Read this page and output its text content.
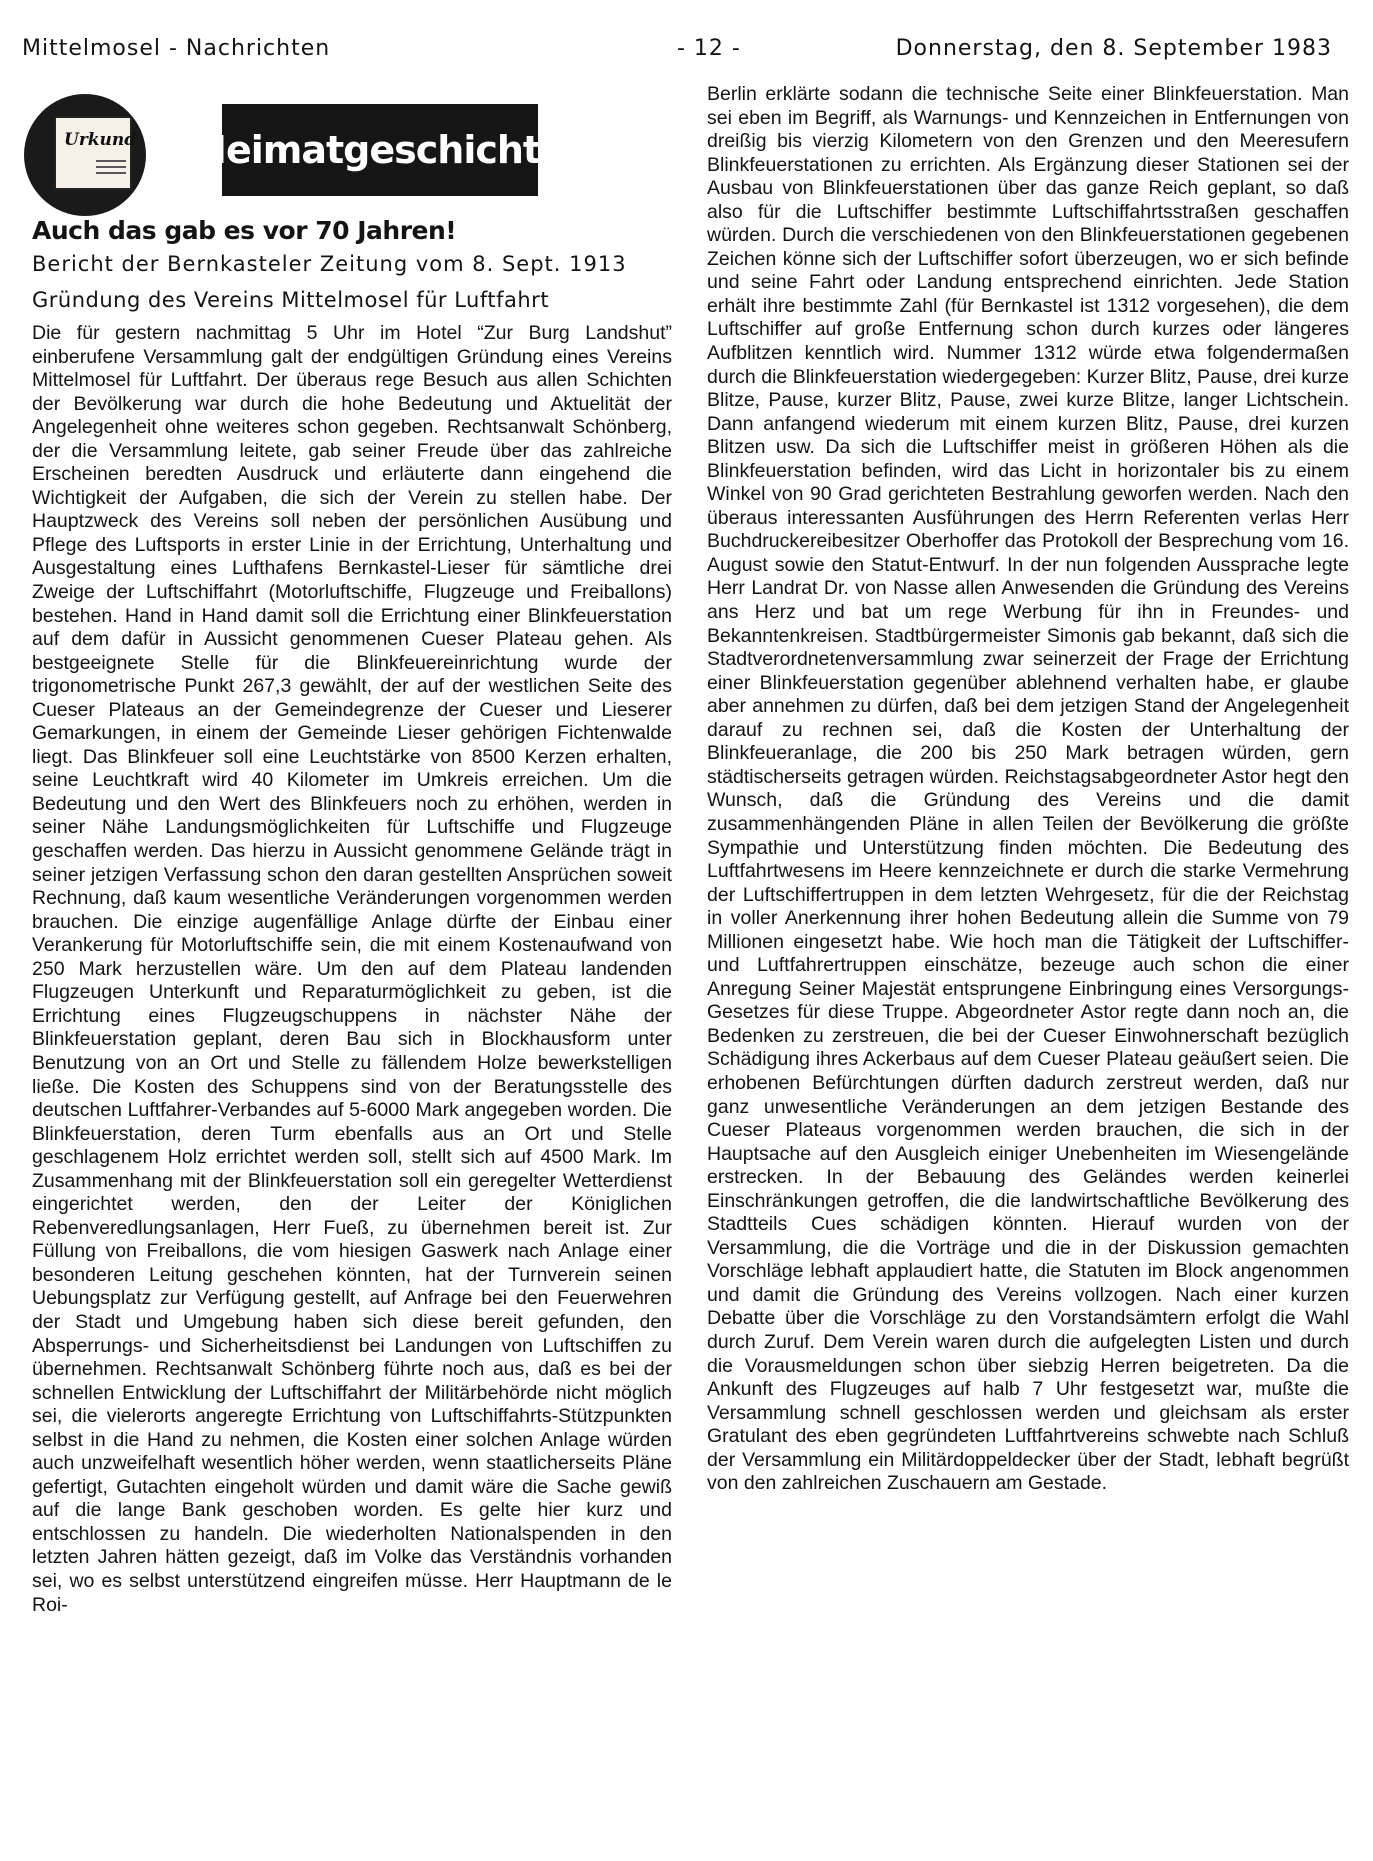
Mittelmosel - Nachrichten	- 12 -	Donnerstag, den 8. September 1983
Urkund Heimatgeschichte
Auch das gab es vor 70 Jahren!
Bericht der Bernkasteler Zeitung vom 8. Sept. 1913
Gründung des Vereins Mittelmosel für Luftfahrt
Die für gestern nachmittag 5 Uhr im Hotel “Zur Burg Landshut” einberufene Versammlung galt der endgültigen Gründung eines Vereins Mittelmosel für Luftfahrt. Der überaus rege Besuch aus allen Schichten der Bevölkerung war durch die hohe Bedeutung und Aktuelität der Angelegenheit ohne weiteres schon gegeben. Rechtsanwalt Schönberg, der die Versammlung leitete, gab seiner Freude über das zahlreiche Erscheinen beredten Ausdruck und erläuterte dann eingehend die Wichtigkeit der Aufgaben, die sich der Verein zu stellen habe. Der Hauptzweck des Vereins soll neben der persönlichen Ausübung und Pflege des Luftsports in erster Linie in der Errichtung, Unterhaltung und Ausgestaltung eines Lufthafens Bernkastel-Lieser für sämtliche drei Zweige der Luftschiffahrt (Motorluftschiffe, Flugzeuge und Freiballons) bestehen. Hand in Hand damit soll die Errichtung einer Blinkfeuerstation auf dem dafür in Aussicht genommenen Cueser Plateau gehen. Als bestgeeignete Stelle für die Blinkfeuereinrichtung wurde der trigonometrische Punkt 267,3 gewählt, der auf der westlichen Seite des Cueser Plateaus an der Gemeindegrenze der Cueser und Lieserer Gemarkungen, in einem der Gemeinde Lieser gehörigen Fichtenwalde liegt. Das Blinkfeuer soll eine Leuchtstärke von 8500 Kerzen erhalten, seine Leuchtkraft wird 40 Kilometer im Umkreis erreichen. Um die Bedeutung und den Wert des Blinkfeuers noch zu erhöhen, werden in seiner Nähe Landungsmöglichkeiten für Luftschiffe und Flugzeuge geschaffen werden. Das hierzu in Aussicht genommene Gelände trägt in seiner jetzigen Verfassung schon den daran gestellten Ansprüchen soweit Rechnung, daß kaum wesentliche Veränderungen vorgenommen werden brauchen. Die einzige augenfällige Anlage dürfte der Einbau einer Verankerung für Motorluftschiffe sein, die mit einem Kostenaufwand von 250 Mark herzustellen wäre. Um den auf dem Plateau landenden Flugzeugen Unterkunft und Reparaturmöglichkeit zu geben, ist die Errichtung eines Flugzeugschuppens in nächster Nähe der Blinkfeuerstation geplant, deren Bau sich in Blockhausform unter Benutzung von an Ort und Stelle zu fällendem Holze bewerkstelligen ließe. Die Kosten des Schuppens sind von der Beratungsstelle des deutschen Luftfahrer-Verbandes auf 5-6000 Mark angegeben worden. Die Blinkfeuerstation, deren Turm ebenfalls aus an Ort und Stelle geschlagenem Holz errichtet werden soll, stellt sich auf 4500 Mark. Im Zusammenhang mit der Blinkfeuerstation soll ein geregelter Wetterdienst eingerichtet werden, den der Leiter der Königlichen Rebenveredlungsanlagen, Herr Fueß, zu übernehmen bereit ist. Zur Füllung von Freiballons, die vom hiesigen Gaswerk nach Anlage einer besonderen Leitung geschehen könnten, hat der Turnverein seinen Uebungsplatz zur Verfügung gestellt, auf Anfrage bei den Feuerwehren der Stadt und Umgebung haben sich diese bereit gefunden, den Absperrungs- und Sicherheitsdienst bei Landungen von Luftschiffen zu übernehmen. Rechtsanwalt Schönberg führte noch aus, daß es bei der schnellen Entwicklung der Luftschiffahrt der Militärbehörde nicht möglich sei, die vielerorts angeregte Errichtung von Luftschiffahrts-Stützpunkten selbst in die Hand zu nehmen, die Kosten einer solchen Anlage würden auch unzweifelhaft wesentlich höher werden, wenn staatlicherseits Pläne gefertigt, Gutachten eingeholt würden und damit wäre die Sache gewiß auf die lange Bank geschoben worden. Es gelte hier kurz und entschlossen zu handeln. Die wiederholten Nationalspenden in den letzten Jahren hätten gezeigt, daß im Volke das Verständnis vorhanden sei, wo es selbst unterstützend eingreifen müsse. Herr Hauptmann de le Roi-
Berlin erklärte sodann die technische Seite einer Blinkfeuerstation. Man sei eben im Begriff, als Warnungs- und Kennzeichen in Entfernungen von dreißig bis vierzig Kilometern von den Grenzen und den Meeresufern Blinkfeuerstationen zu errichten. Als Ergänzung dieser Stationen sei der Ausbau von Blinkfeuerstationen über das ganze Reich geplant, so daß also für die Luftschiffer bestimmte Luftschiffahrtsstraßen geschaffen würden. Durch die verschiedenen von den Blinkfeuerstationen gegebenen Zeichen könne sich der Luftschiffer sofort überzeugen, wo er sich befinde und seine Fahrt oder Landung entsprechend einrichten. Jede Station erhält ihre bestimmte Zahl (für Bernkastel ist 1312 vorgesehen), die dem Luftschiffer auf große Entfernung schon durch kurzes oder längeres Aufblitzen kenntlich wird. Nummer 1312 würde etwa folgendermaßen durch die Blinkfeuerstation wiedergegeben: Kurzer Blitz, Pause, drei kurze Blitze, Pause, kurzer Blitz, Pause, zwei kurze Blitze, langer Lichtschein. Dann anfangend wiederum mit einem kurzen Blitz, Pause, drei kurzen Blitzen usw. Da sich die Luftschiffer meist in größeren Höhen als die Blinkfeuerstation befinden, wird das Licht in horizontaler bis zu einem Winkel von 90 Grad gerichteten Bestrahlung geworfen werden. Nach den überaus interessanten Ausführungen des Herrn Referenten verlas Herr Buchdruckereibesitzer Oberhoffer das Protokoll der Besprechung vom 16. August sowie den Statut-Entwurf. In der nun folgenden Aussprache legte Herr Landrat Dr. von Nasse allen Anwesenden die Gründung des Vereins ans Herz und bat um rege Werbung für ihn in Freundes- und Bekanntenkreisen. Stadtbürgermeister Simonis gab bekannt, daß sich die Stadtverordnetenversammlung zwar seinerzeit der Frage der Errichtung einer Blinkfeuerstation gegenüber ablehnend verhalten habe, er glaube aber annehmen zu dürfen, daß bei dem jetzigen Stand der Angelegenheit darauf zu rechnen sei, daß die Kosten der Unterhaltung der Blinkfeueranlage, die 200 bis 250 Mark betragen würden, gern städtischerseits getragen würden. Reichstagsabgeordneter Astor hegt den Wunsch, daß die Gründung des Vereins und die damit zusammenhängenden Pläne in allen Teilen der Bevölkerung die größte Sympathie und Unterstützung finden möchten. Die Bedeutung des Luftfahrtwesens im Heere kennzeichnete er durch die starke Vermehrung der Luftschiffertruppen in dem letzten Wehrgesetz, für die der Reichstag in voller Anerkennung ihrer hohen Bedeutung allein die Summe von 79 Millionen eingesetzt habe. Wie hoch man die Tätigkeit der Luftschiffer- und Luftfahrertruppen einschätze, bezeuge auch schon die einer Anregung Seiner Majestät entsprungene Einbringung eines Versorgungs-Gesetzes für diese Truppe. Abgeordneter Astor regte dann noch an, die Bedenken zu zerstreuen, die bei der Cueser Einwohnerschaft bezüglich Schädigung ihres Ackerbaus auf dem Cueser Plateau geäußert seien. Die erhobenen Befürchtungen dürften dadurch zerstreut werden, daß nur ganz unwesentliche Veränderungen an dem jetzigen Bestande des Cueser Plateaus vorgenommen werden brauchen, die sich in der Hauptsache auf den Ausgleich einiger Unebenheiten im Wiesengelände erstrecken. In der Bebauung des Geländes werden keinerlei Einschränkungen getroffen, die die landwirtschaftliche Bevölkerung des Stadtteils Cues schädigen könnten. Hierauf wurden von der Versammlung, die die Vorträge und die in der Diskussion gemachten Vorschläge lebhaft applaudiert hatte, die Statuten im Block angenommen und damit die Gründung des Vereins vollzogen. Nach einer kurzen Debatte über die Vorschläge zu den Vorstandsämtern erfolgt die Wahl durch Zuruf. Dem Verein waren durch die aufgelegten Listen und durch die Vorausmeldungen schon über siebzig Herren beigetreten. Da die Ankunft des Flugzeuges auf halb 7 Uhr festgesetzt war, mußte die Versammlung schnell geschlossen werden und gleichsam als erster Gratulant des eben gegründeten Luftfahrtvereins schwebte nach Schluß der Versammlung ein Militärdoppeldecker über der Stadt, lebhaft begrüßt von den zahlreichen Zuschauern am Gestade.
